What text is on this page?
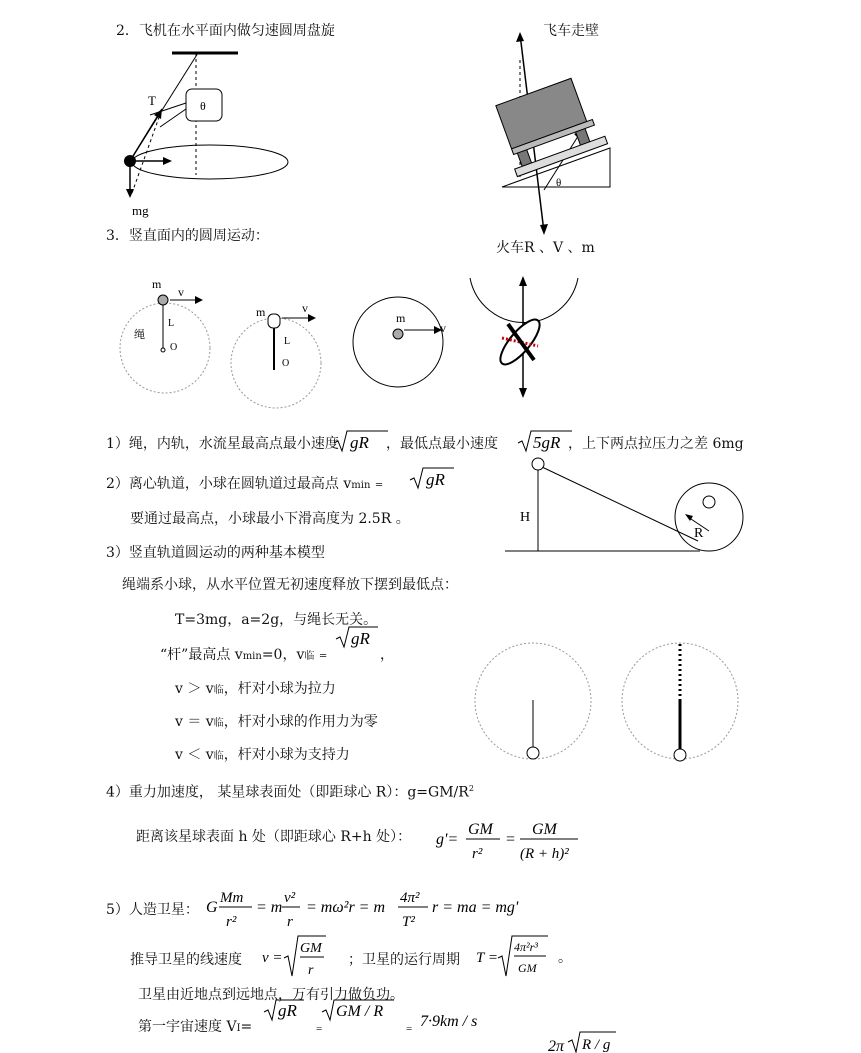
2．飞机在水平面内做匀速圆周盘旋
T	θ
mg
飞车走壁
θ
火车R 、V 、m
3．竖直面内的圆周运动：
m
v
绳
L
O
m	v
L
O
m
v
1）绳，内轨，水流星最高点最小速度 gR ，最低点最小速度 5gR ，上下两点拉压力之差 6mg
2）离心轨道，小球在圆轨道过最高点 vmin =	gR
要通过最高点，小球最小下滑高度为 2.5R 。	H
R
3）竖直轨道圆运动的两种基本模型
绳端系小球，从水平位置无初速度释放下摆到最低点：
T=3mg，a=2g，与绳长无关。
“杆”最高点 vmin=0，v临 =
gR
，
v ＞ v临，杆对小球为拉力
v ＝ v临，杆对小球的作用力为零
v ＜ v临，杆对小球为支持力
4）重力加速度， 某星球表面处（即距球心 R）：$g=GM/R^2$
距离该星球表面 h 处（即距球心 R+h 处）： g'=
GM
r²
=
GM
(R + h)²
5）人造卫星： G
Mm
r²
= m
v²
r
= mω²r = m
4π²
T²
r = ma = mg'
推导卫星的线速度 v =
GM
r
；卫星的运行周期 T =
4π²r³
GM
。
卫星由近地点到远地点，万有引力做负功。
第一宇宙速度 VI=
gR
=
GM / R
= 7·9km / s
2π R / g
